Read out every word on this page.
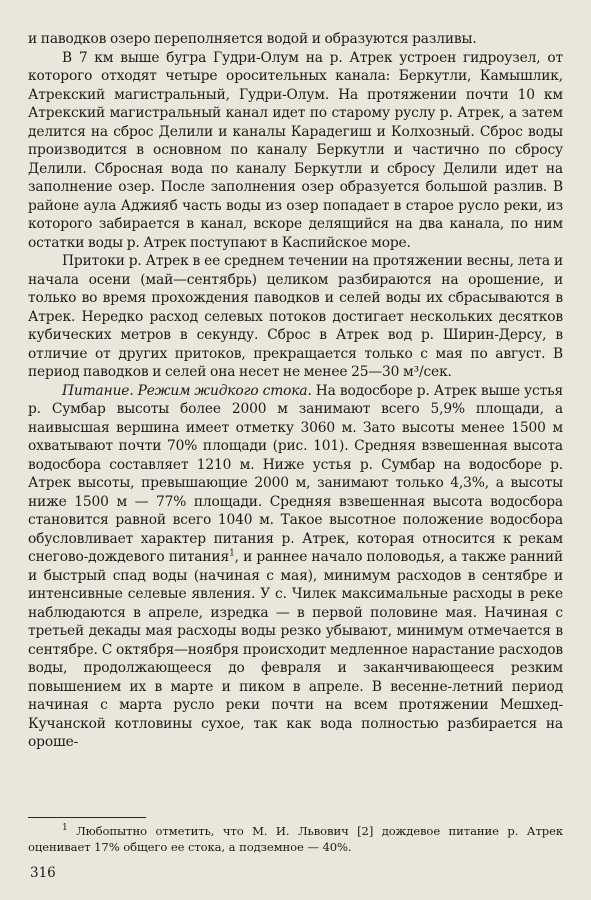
и паводков озеро переполняется водой и образуются разливы.

В 7 км выше бугра Гудри-Олум на р. Атрек устроен гидроузел, от которого отходят четыре оросительных канала: Беркутли, Камышлик, Атрекский магистральный, Гудри-Олум. На протяжении почти 10 км Атрекский магистральный канал идет по старому руслу р. Атрек, а затем делится на сброс Делили и каналы Карадегиш и Колхозный. Сброс воды производится в основном по каналу Беркутли и частично по сбросу Делили. Сбросная вода по каналу Беркутли и сбросу Делили идет на заполнение озер. После заполнения озер образуется большой разлив. В районе аула Аджияб часть воды из озер попадает в старое русло реки, из которого забирается в канал, вскоре делящийся на два канала, по ним остатки воды р. Атрек поступают в Каспийское море.

Притоки р. Атрек в ее среднем течении на протяжении весны, лета и начала осени (май—сентябрь) целиком разбираются на орошение, и только во время прохождения паводков и селей воды их сбрасываются в Атрек. Нередко расход селевых потоков достигает нескольких десятков кубических метров в секунду. Сброс в Атрек вод р. Ширин-Дерсу, в отличие от других притоков, прекращается только с мая по август. В период паводков и селей она несет не менее 25—30 м³/сек.

Питание. Режим жидкого стока. На водосборе р. Атрек выше устья р. Сумбар высоты более 2000 м занимают всего 5,9% площади, а наивысшая вершина имеет отметку 3060 м. Зато высоты менее 1500 м охватывают почти 70% площади (рис. 101). Средняя взвешенная высота водосбора составляет 1210 м. Ниже устья р. Сумбар на водосборе р. Атрек высоты, превышающие 2000 м, занимают только 4,3%, а высоты ниже 1500 м — 77% площади. Средняя взвешенная высота водосбора становится равной всего 1040 м. Такое высотное положение водосбора обусловливает характер питания р. Атрек, которая относится к рекам снегово-дождевого питания$^1$, и раннее начало половодья, а также ранний и быстрый спад воды (начиная с мая), минимум расходов в сентябре и интенсивные селевые явления. У с. Чилек максимальные расходы в реке наблюдаются в апреле, изредка — в первой половине мая. Начиная с третьей декады мая расходы воды резко убывают, минимум отмечается в сентябре. С октября—ноября происходит медленное нарастание расходов воды, продолжающееся до февраля и заканчивающееся резким повышением их в марте и пиком в апреле. В весенне-летний период начиная с марта русло реки почти на всем протяжении Мешхед-Кучанской котловины сухое, так как вода полностью разбирается на ороше-

$^1$ Любопытно отметить, что М. И. Львович [2] дождевое питание р. Атрек оценивает 17% общего ее стока, а подземное — 40%.

316
